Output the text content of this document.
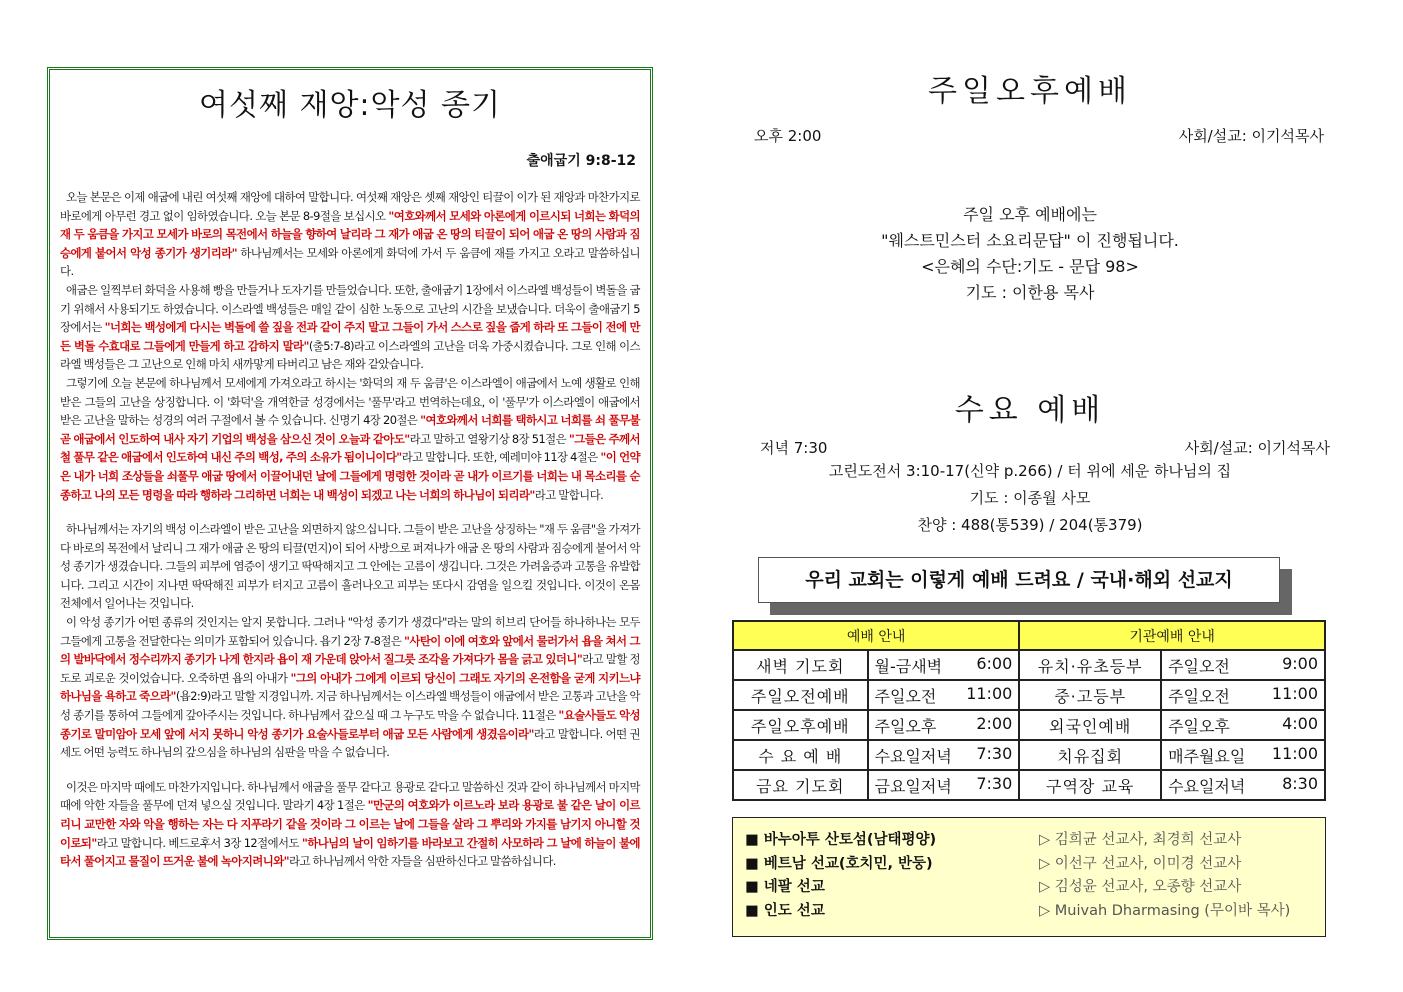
여섯째 재앙:악성 종기
출애굽기 9:8-12

오늘 본문은 이제 애굽에 내린 여섯째 재앙에 대하여 말합니다. 여섯째 재앙은 셋째 재앙인 티끌이 이가 된 재앙과 마찬가지로 바로에게 아무런 경고 없이 임하였습니다. 오늘 본문 8-9절을 보십시오 "여호와께서 모세와 아론에게 이르시되 너희는 화덕의 재 두 움큼을 가지고 모세가 바로의 목전에서 하늘을 향하여 날리라 그 재가 애굽 온 땅의 티끌이 되어 애굽 온 땅의 사람과 짐승에게 붙어서 악성 종기가 생기리라" 하나님께서는 모세와 아론에게 화덕에 가서 두 움큼에 재를 가지고 오라고 말씀하십니다.

애굽은 일찍부터 화덕을 사용해 빵을 만들거나 도자기를 만들었습니다. 또한, 출애굽기 1장에서 이스라엘 백성들이 벽돌을 굽기 위해서 사용되기도 하였습니다. 이스라엘 백성들은 매일 같이 심한 노동으로 고난의 시간을 보냈습니다. 더욱이 출애굽기 5장에서는 "너희는 백성에게 다시는 벽돌에 쓸 짚을 전과 같이 주지 말고 그들이 가서 스스로 짚을 줍게 하라 또 그들이 전에 만든 벽돌 수효대로 그들에게 만들게 하고 감하지 말라"(출5:7-8)라고 이스라엘의 고난을 더욱 가중시켰습니다. 그로 인해 이스라엘 백성들은 그 고난으로 인해 마치 새까맣게 타버리고 남은 재와 같았습니다.

그렇기에 오늘 본문에 하나님께서 모세에게 가져오라고 하시는 '화덕의 재 두 움큼'은 이스라엘이 애굽에서 노예 생활로 인해 받은 그들의 고난을 상징합니다. 이 '화덕'을 개역한글 성경에서는 '풀무'라고 번역하는데요, 이 '풀무'가 이스라엘이 애굽에서 받은 고난을 말하는 성경의 여러 구절에서 볼 수 있습니다. 신명기 4장 20절은 "여호와께서 너희를 택하시고 너희를 쇠 풀무불 곧 애굽에서 인도하여 내사 자기 기업의 백성을 삼으신 것이 오늘과 같아도"라고 말하고 열왕기상 8장 51절은 "그들은 주께서 철 풀무 같은 애굽에서 인도하여 내신 주의 백성, 주의 소유가 됨이니이다"라고 말합니다. 또한, 예레미야 11장 4절은 "이 언약은 내가 너희 조상들을 쇠풀무 애굽 땅에서 이끌어내던 날에 그들에게 명령한 것이라 곧 내가 이르기를 너희는 내 목소리를 순종하고 나의 모든 명령을 따라 행하라 그리하면 너희는 내 백성이 되겠고 나는 너희의 하나님이 되리라"라고 말합니다.

하나님께서는 자기의 백성 이스라엘이 받은 고난을 외면하지 않으십니다. 그들이 받은 고난을 상징하는 "재 두 움큼"을 가져가 다 바로의 목전에서 날리니 그 재가 애굽 온 땅의 티끌(먼지)이 되어 사방으로 퍼져나가 애굽 온 땅의 사람과 짐승에게 붙어서 악성 종기가 생겼습니다. 그들의 피부에 염증이 생기고 딱딱해지고 그 안에는 고름이 생깁니다. 그것은 가려움증과 고통을 유발합니다. 그리고 시간이 지나면 딱딱해진 피부가 터지고 고름이 흘러나오고 피부는 또다시 감염을 일으킬 것입니다. 이것이 온몸 전체에서 일어나는 것입니다.

이 악성 종기가 어떤 종류의 것인지는 알지 못합니다. 그러나 "악성 종기가 생겼다"라는 말의 히브리 단어들 하나하나는 모두 그들에게 고통을 전달한다는 의미가 포함되어 있습니다. 욥기 2장 7-8절은 "사탄이 이에 여호와 앞에서 물러가서 욥을 쳐서 그의 발바닥에서 정수리까지 종기가 나게 한지라 욥이 재 가운데 앉아서 질그릇 조각을 가져다가 몸을 긁고 있더니"라고 말할 정도로 괴로운 것이었습니다. 오죽하면 욥의 아내가 "그의 아내가 그에게 이르되 당신이 그래도 자기의 온전함을 굳게 지키느냐 하나님을 욕하고 죽으라"(욥2:9)라고 말할 지경입니까. 지금 하나님께서는 이스라엘 백성들이 애굽에서 받은 고통과 고난을 악성 종기를 통하여 그들에게 갚아주시는 것입니다. 하나님께서 갚으실 때 그 누구도 막을 수 없습니다. 11절은 "요술사들도 악성 종기로 말미암아 모세 앞에 서지 못하니 악성 종기가 요술사들로부터 애굽 모든 사람에게 생겼음이라"라고 말합니다. 어떤 권세도 어떤 능력도 하나님의 갚으심을 하나님의 심판을 막을 수 없습니다.

이것은 마지막 때에도 마찬가지입니다. 하나님께서 애굽을 풀무 같다고 용광로 같다고 말씀하신 것과 같이 하나님께서 마지막 때에 악한 자들을 풀무에 던져 넣으실 것입니다. 말라기 4장 1절은 "만군의 여호와가 이르노라 보라 용광로 불 같은 날이 이르리니 교만한 자와 악을 행하는 자는 다 지푸라기 같을 것이라 그 이르는 날에 그들을 살라 그 뿌리와 가지를 남기지 아니할 것이로되"라고 말합니다. 베드로후서 3장 12절에서도 "하나님의 날이 임하기를 바라보고 간절히 사모하라 그 날에 하늘이 불에 타서 풀어지고 물질이 뜨거운 불에 녹아지려니와"라고 하나님께서 악한 자들을 심판하신다고 말씀하십니다.

주일오후예배
오후 2:00	사회/설교: 이기석목사
주일 오후 예배에는
"웨스트민스터 소요리문답" 이 진행됩니다.
<은혜의 수단:기도 - 문답 98>
기도 : 이한용 목사
수요 예배
저녁 7:30	사회/설교: 이기석목사
고린도전서 3:10-17(신약 p.266) / 터 위에 세운 하나님의 집
기도 : 이종월 사모
찬양 : 488(통539) / 204(통379)
우리 교회는 이렇게 예배 드려요 / 국내·해외 선교지
예배 안내		기관예배 안내	
새벽 기도회	월-금새벽 6:00	유치·유초등부	주일오전 9:00

주일오전예배	주일오전 11:00	중·고등부	주일오전 11:00

주일오후예배	주일오후 2:00	외국인예배	주일오후 4:00

수 요 예 배	수요일저녁 7:30	치유집회	매주월요일 11:00

금요 기도회	금요일저녁 7:30	구역장 교육	수요일저녁 8:30
■ 바누아투 산토섬(남태평양)	▷ 김희균 선교사, 최경희 선교사
■ 베트남 선교(호치민, 반둥)	▷ 이선구 선교사, 이미경 선교사
■ 네팔 선교	▷ 김성윤 선교사, 오종향 선교사
■ 인도 선교	▷ Muivah Dharmasing (무이바 목사)
